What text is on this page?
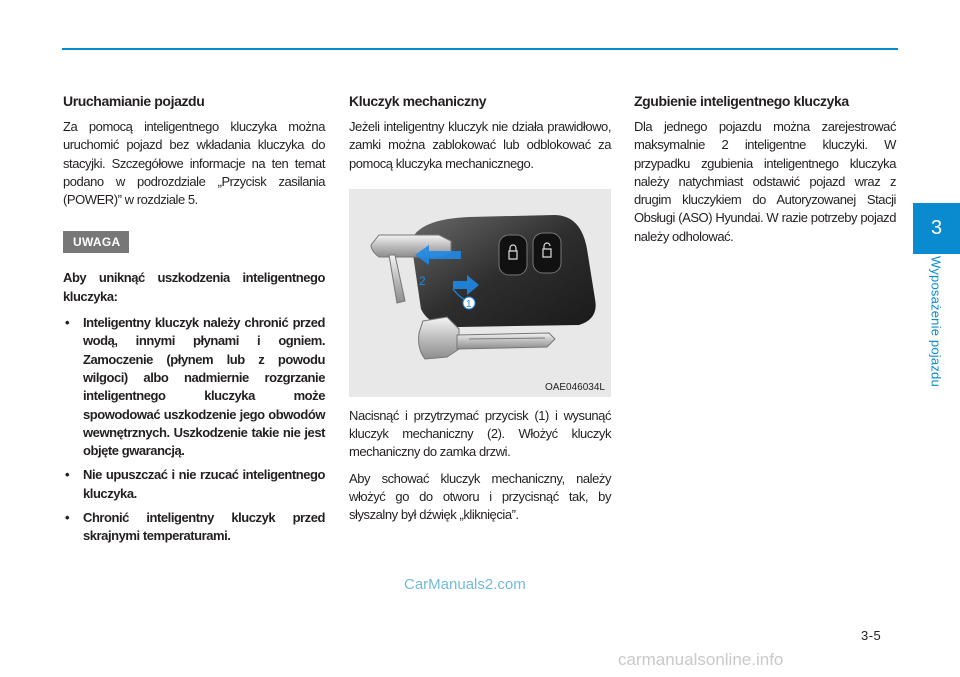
Uruchamianie pojazdu

Za pomocą inteligentnego kluczyka można uruchomić pojazd bez wkładania kluczyka do stacyjki. Szczegółowe informacje na ten temat podano w podrozdziale „Przycisk zasilania (POWER)” w rozdziale 5.

UWAGA
Aby uniknąć uszkodzenia inteligentnego kluczyka:
• Inteligentny kluczyk należy chronić przed wodą, innymi płynami i ogniem. Zamoczenie (płynem lub z powodu wilgoci) albo nadmiernie rozgrzanie inteligentnego kluczyka może spowodować uszkodzenie jego obwodów wewnętrznych. Uszkodzenie takie nie jest objęte gwarancją.
• Nie upuszczać i nie rzucać inteligentnego kluczyka.
• Chronić inteligentny kluczyk przed skrajnymi temperaturami.
Kluczyk mechaniczny

Jeżeli inteligentny kluczyk nie działa prawidłowo, zamki można zablokować lub odblokować za pomocą kluczyka mechanicznego.

1
2
OAE046034L

Nacisnąć i przytrzymać przycisk (1) i wysunąć kluczyk mechaniczny (2). Włożyć kluczyk mechaniczny do zamka drzwi.

Aby schować kluczyk mechaniczny, należy włożyć go do otworu i przycisnąć tak, by słyszalny był dźwięk „kliknięcia”.

Zgubienie inteligentnego kluczyka

Dla jednego pojazdu można zarejestrować maksymalnie 2 inteligentne kluczyki. W przypadku zgubienia inteligentnego kluczyka należy natychmiast odstawić pojazd wraz z drugim kluczykiem do Autoryzowanej Stacji Obsługi (ASO) Hyundai. W razie potrzeby pojazd należy odholować.	3
Wyposażenie pojazdu
3-5
CarManuals2.com
carmanualsonline.info
